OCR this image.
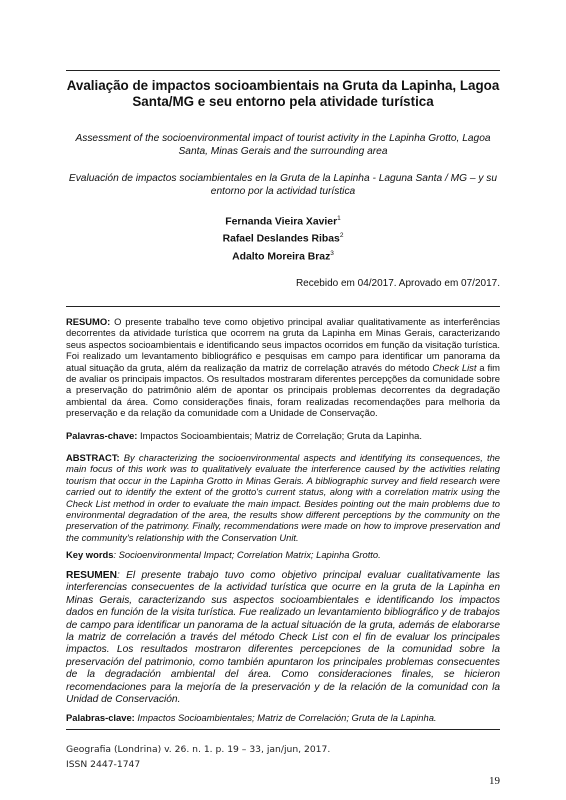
Avaliação de impactos socioambientais na Gruta da Lapinha, Lagoa Santa/MG e seu entorno pela atividade turística
Assessment of the socioenvironmental impact of tourist activity in the Lapinha Grotto, Lagoa Santa, Minas Gerais and the surrounding area
Evaluación de impactos sociambientales en la Gruta de la Lapinha - Laguna Santa / MG – y su entorno por la actividad turística
Fernanda Vieira Xavier$^1$
Rafael Deslandes Ribas$^2$
Adalto Moreira Braz$^3$
Recebido em 04/2017. Aprovado em 07/2017.
RESUMO: O presente trabalho teve como objetivo principal avaliar qualitativamente as interferências decorrentes da atividade turística que ocorrem na gruta da Lapinha em Minas Gerais, caracterizando seus aspectos socioambientais e identificando seus impactos ocorridos em função da visitação turística. Foi realizado um levantamento bibliográfico e pesquisas em campo para identificar um panorama da atual situação da gruta, além da realização da matriz de correlação através do método Check List a fim de avaliar os principais impactos. Os resultados mostraram diferentes percepções da comunidade sobre a preservação do patrimônio além de apontar os principais problemas decorrentes da degradação ambiental da área. Como considerações finais, foram realizadas recomendações para melhoria da preservação e da relação da comunidade com a Unidade de Conservação.
Palavras-chave: Impactos Socioambientais; Matriz de Correlação; Gruta da Lapinha.
ABSTRACT: By characterizing the socioenvironmental aspects and identifying its consequences, the main focus of this work was to qualitatively evaluate the interference caused by the activities relating tourism that occur in the Lapinha Grotto in Minas Gerais. A bibliographic survey and field research were carried out to identify the extent of the grotto's current status, along with a correlation matrix using the Check List method in order to evaluate the main impact. Besides pointing out the main problems due to environmental degradation of the area, the results show different perceptions by the community on the preservation of the patrimony. Finally, recommendations were made on how to improve preservation and the community's relationship with the Conservation Unit.
Key words: Socioenvironmental Impact; Correlation Matrix; Lapinha Grotto.
RESUMEN: El presente trabajo tuvo como objetivo principal evaluar cualitativamente las interferencias consecuentes de la actividad turística que ocurre en la gruta de la Lapinha en Minas Gerais, caracterizando sus aspectos socioambientales e identificando los impactos dados en función de la visita turística. Fue realizado un levantamiento bibliográfico y de trabajos de campo para identificar un panorama de la actual situación de la gruta, además de elaborarse la matriz de correlación a través del método Check List con el fin de evaluar los principales impactos. Los resultados mostraron diferentes percepciones de la comunidad sobre la preservación del patrimonio, como también apuntaron los principales problemas consecuentes de la degradación ambiental del área. Como consideraciones finales, se hicieron recomendaciones para la mejoría de la preservación y de la relación de la comunidad con la Unidad de Conservación.
Palabras-clave: Impactos Socioambientales; Matriz de Correlación; Gruta de la Lapinha.
Geografia (Londrina) v. 26. n. 1. p. 19 – 33, jan/jun, 2017.
ISSN 2447-1747
19
